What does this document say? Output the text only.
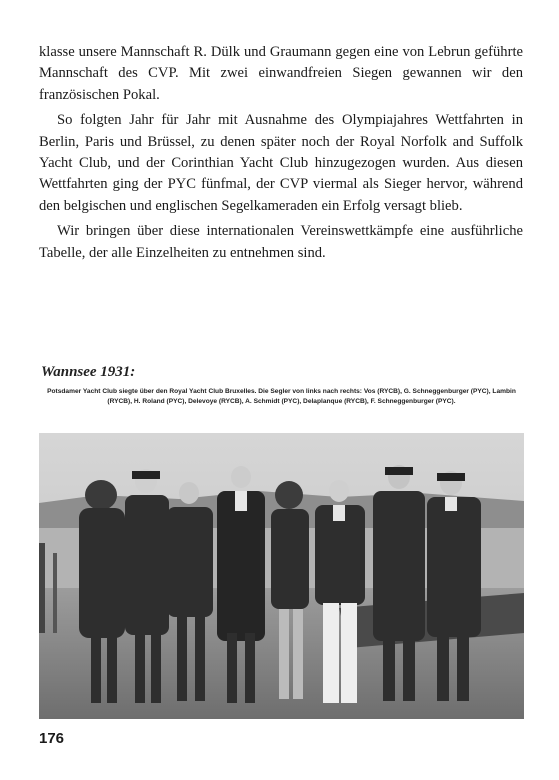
klasse unsere Mannschaft R. Dülk und Graumann gegen eine von Lebrun geführte Mannschaft des CVP. Mit zwei einwandfreien Siegen gewannen wir den französischen Pokal.

So folgten Jahr für Jahr mit Ausnahme des Olympiajahres Wettfahrten in Berlin, Paris und Brüssel, zu denen später noch der Royal Norfolk and Suffolk Yacht Club, und der Corinthian Yacht Club hinzugezogen wurden. Aus diesen Wettfahrten ging der PYC fünfmal, der CVP viermal als Sieger hervor, während den belgischen und englischen Segelkameraden ein Erfolg versagt blieb.

Wir bringen über diese internationalen Vereinswettkämpfe eine ausführliche Tabelle, der alle Einzelheiten zu entnehmen sind.

Wannsee 1931:
Potsdamer Yacht Club siegte über den Royal Yacht Club Bruxelles. Die Segler von links nach rechts: Vos (RYCB), G. Schneggenburger (PYC), Lambin (RYCB), H. Roland (PYC), Delevoye (RYCB), A. Schmidt (PYC), Delaplanque (RYCB), F. Schneggenburger (PYC).
176
